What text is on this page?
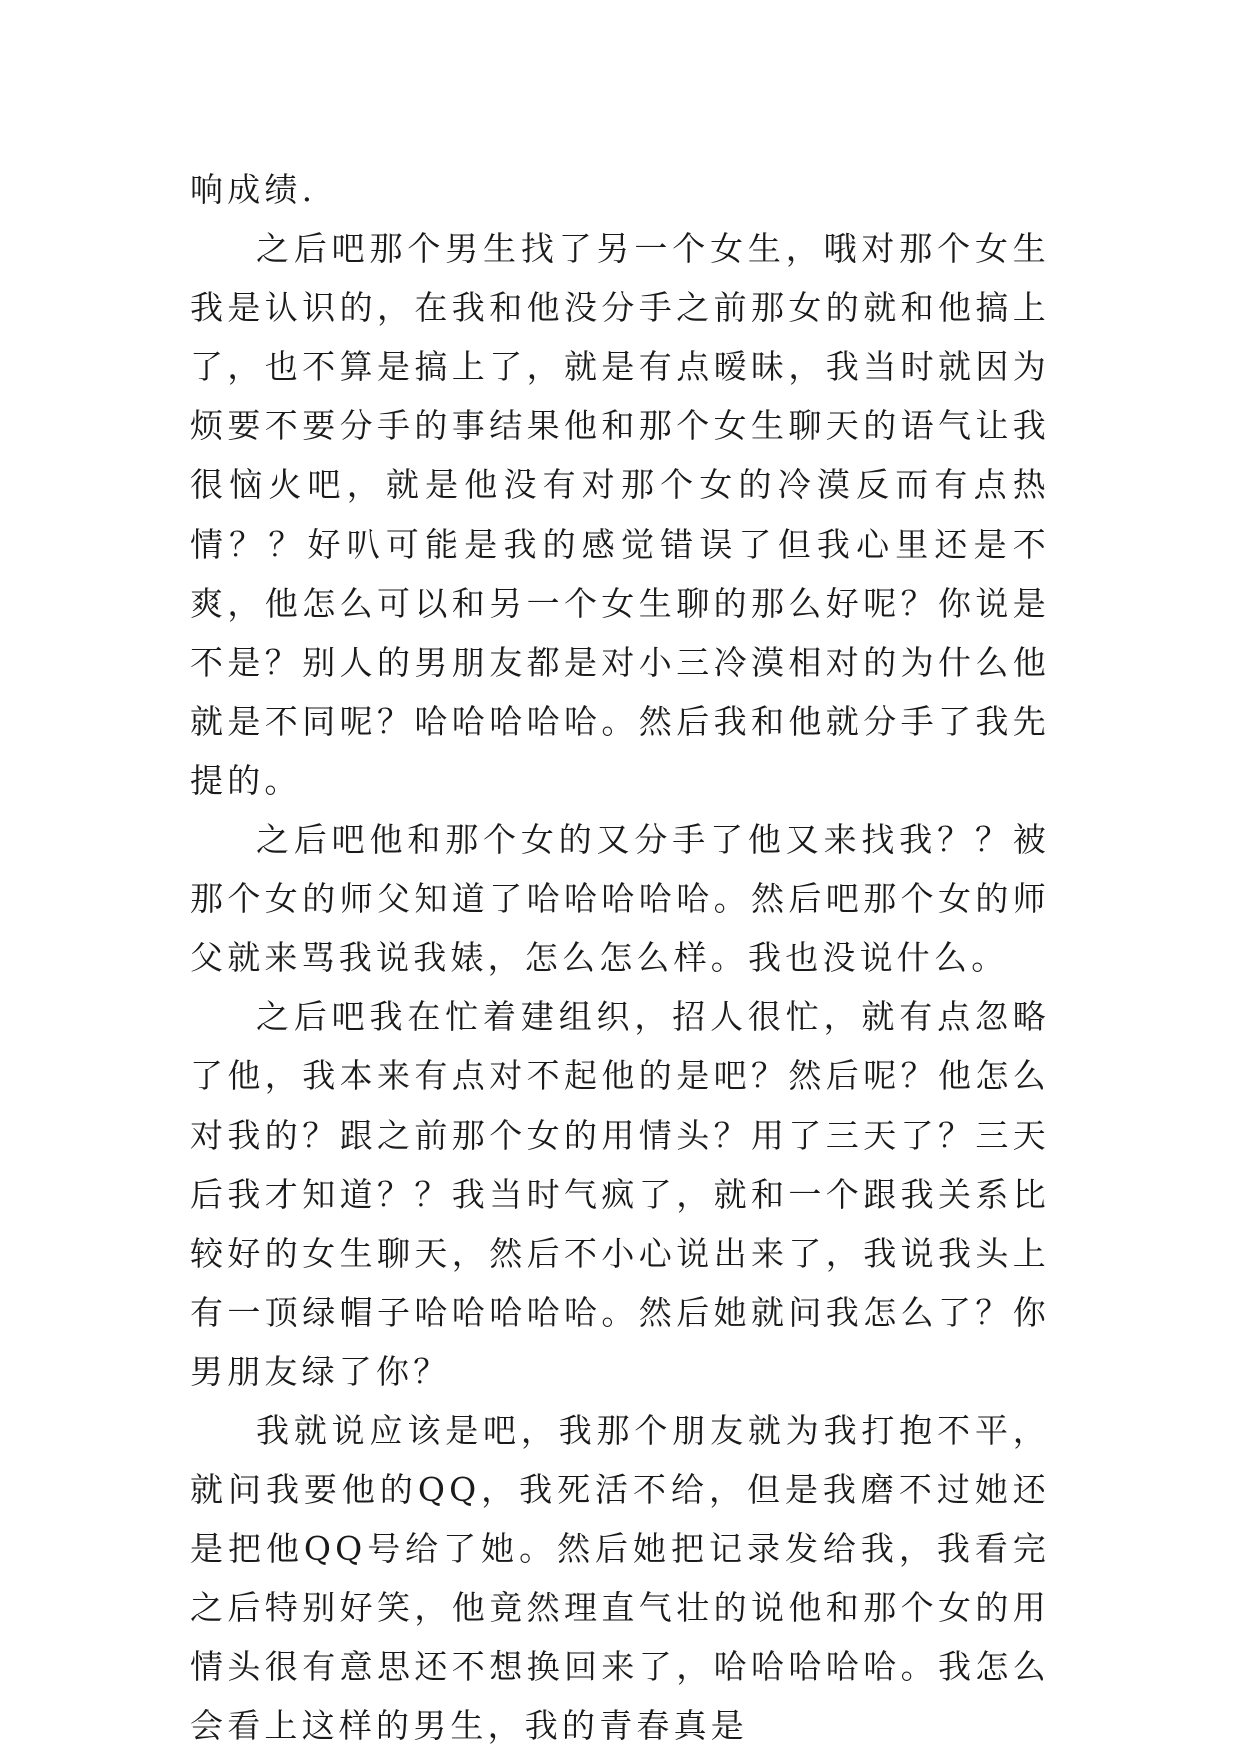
响成绩.

之后吧那个男生找了另一个女生，哦对那个女生我是认识的，在我和他没分手之前那女的就和他搞上了，也不算是搞上了，就是有点暧昧，我当时就因为烦要不要分手的事结果他和那个女生聊天的语气让我很恼火吧，就是他没有对那个女的冷漠反而有点热情？？好叭可能是我的感觉错误了但我心里还是不爽，他怎么可以和另一个女生聊的那么好呢？你说是不是？别人的男朋友都是对小三冷漠相对的为什么他就是不同呢？哈哈哈哈哈。然后我和他就分手了我先提的。

之后吧他和那个女的又分手了他又来找我？？被那个女的师父知道了哈哈哈哈哈。然后吧那个女的师父就来骂我说我婊，怎么怎么样。我也没说什么。

之后吧我在忙着建组织，招人很忙，就有点忽略了他，我本来有点对不起他的是吧？然后呢？他怎么对我的？跟之前那个女的用情头？用了三天了？三天后我才知道？？我当时气疯了，就和一个跟我关系比较好的女生聊天，然后不小心说出来了，我说我头上有一顶绿帽子哈哈哈哈哈。然后她就问我怎么了？你男朋友绿了你？

我就说应该是吧，我那个朋友就为我打抱不平，就问我要他的QQ，我死活不给，但是我磨不过她还是把他QQ号给了她。然后她把记录发给我，我看完之后特别好笑，他竟然理直气壮的说他和那个女的用情头很有意思还不想换回来了，哈哈哈哈哈。我怎么会看上这样的男生，我的青春真是
